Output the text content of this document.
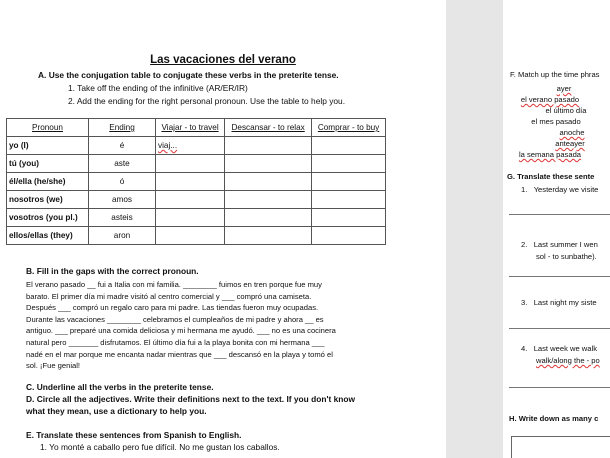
Las vacaciones del verano
A. Use the conjugation table to conjugate these verbs in the preterite tense.
1. Take off the ending of the infinitive (AR/ER/IR)
2. Add the ending for the right personal pronoun. Use the table to help you.
Pronoun	Ending	Viajar - to travel	Descansar - to relax	Comprar - to buy
yo (I)	é	viaj...		
tú (you)	aste			
él/ella (he/she)	ó			
nosotros (we)	amos			
vosotros (you pl.)	asteis			
ellos/ellas (they)	aron			
B. Fill in the gaps with the correct pronoun.
El verano pasado __ fui a Italia con mi familia. ________ fuimos en tren porque fue muy
barato. El primer día mi madre visitó al centro comercial y ___ compró una camiseta.
Después ___ compró un regalo caro para mi padre. Las tiendas fueron muy ocupadas.
Durante las vacaciones ________ celebramos el cumpleaños de mi padre y ahora __ es
antiguo. ___ preparé una comida deliciosa y mi hermana me ayudó. ___ no es una cocinera
natural pero _______ disfrutamos. El último día fui a la playa bonita con mi hermana ___
nadé en el mar porque me encanta nadar mientras que ___ descansó en la playa y tomó el
sol. ¡Fue genial!
C. Underline all the verbs in the preterite tense.
D. Circle all the adjectives. Write their definitions next to the text. If you don't know
what they mean, use a dictionary to help you.
E. Translate these sentences from Spanish to English.
1. Yo monté a caballo pero fue difícil. No me gustan los caballos.
F. Match up the time phras
ayer
el verano pasado
el último día
el mes pasado
anoche
anteayer
la semana pasada
G. Translate these sente
1. Yesterday we visite
2. Last summer I wen
sol - to sunbathe).
3. Last night my siste
4. Last week we walk
walk/along the - po
H. Write down as many c
